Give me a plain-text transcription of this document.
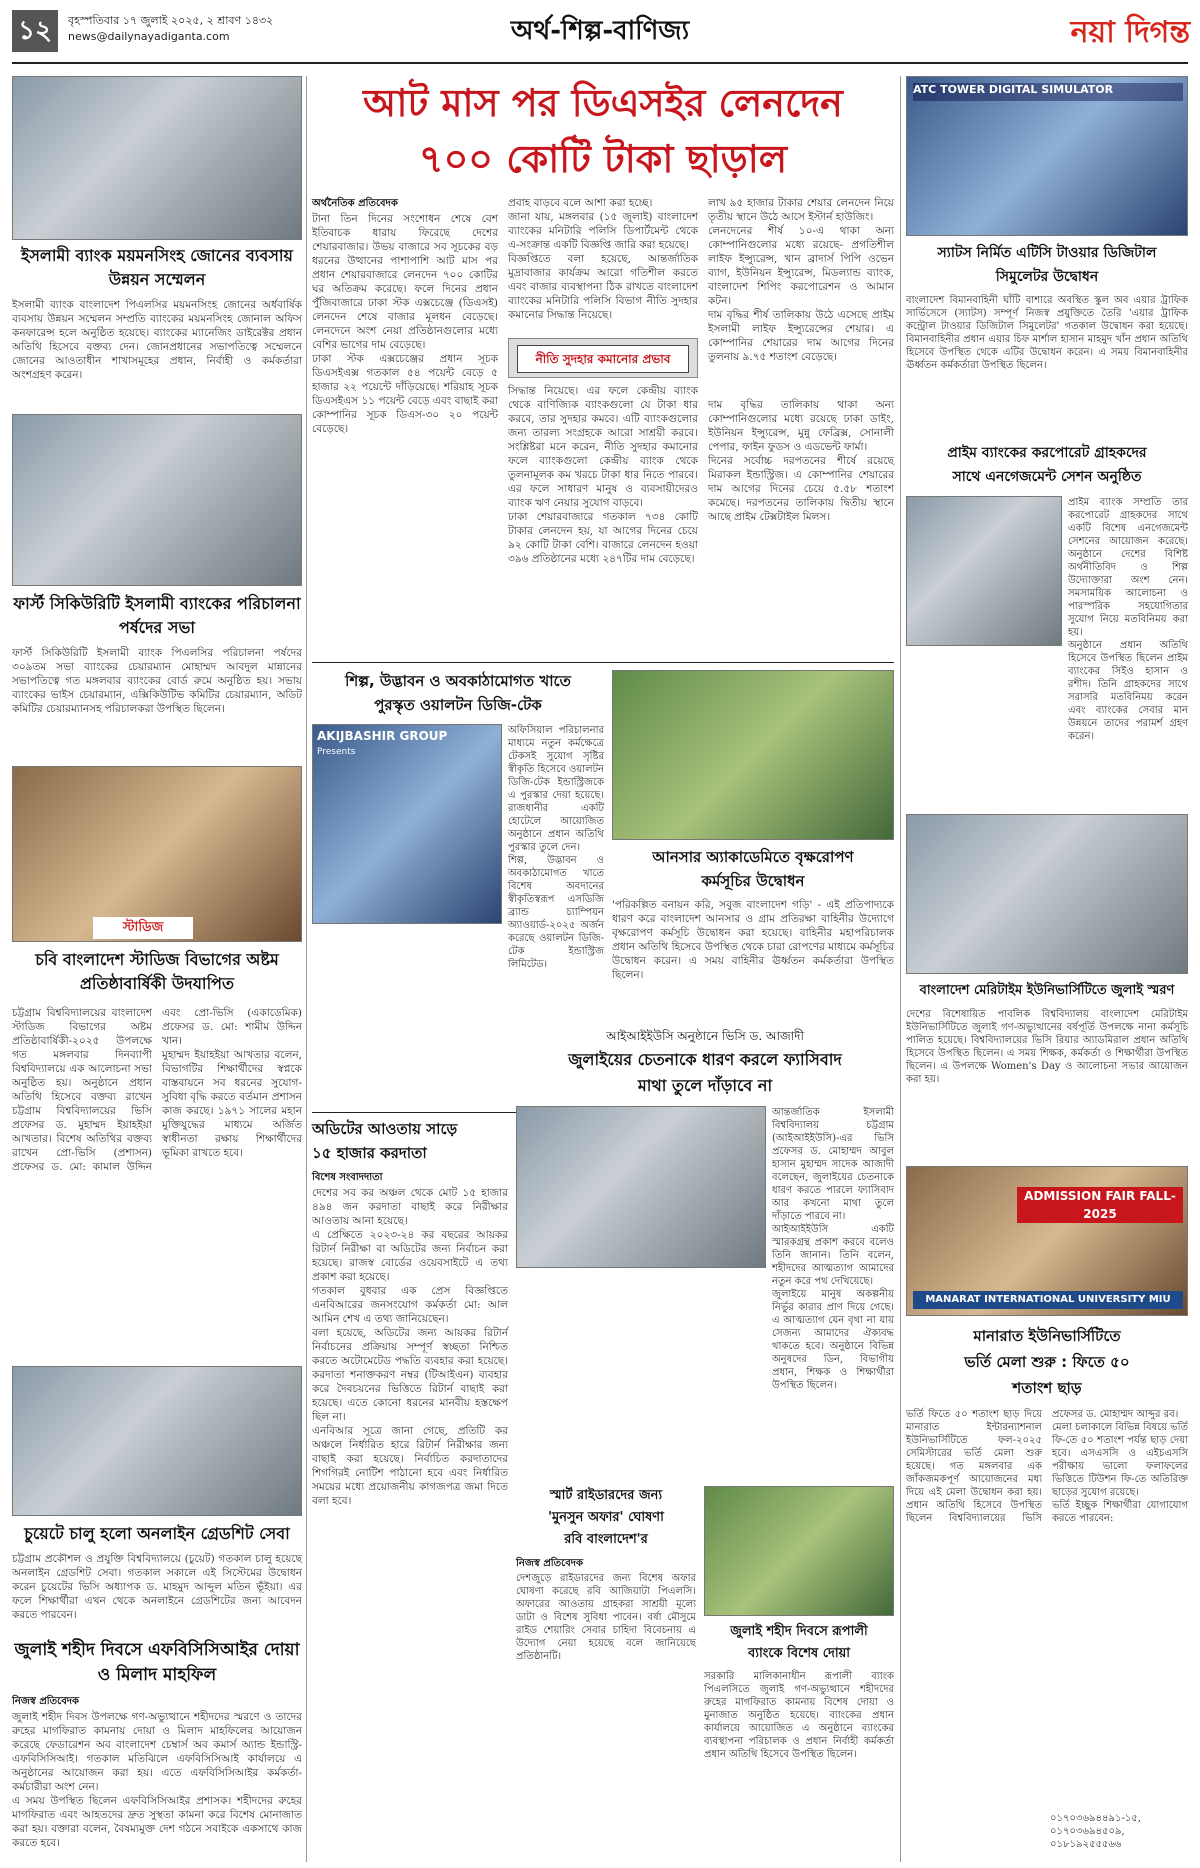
১২	বৃহস্পতিবার ১৭ জুলাই ২০২৫, ২ শ্রাবণ ১৪৩২
news@dailynayadiganta.com	অর্থ-শিল্প-বাণিজ্য	নয়া দিগন্ত
ইসলামী ব্যাংক ময়মনসিংহ জোনের ব্যবসায় উন্নয়ন সম্মেলন
ইসলামী ব্যাংক বাংলাদেশ পিএলসির ময়মনসিংহ জোনের অর্ধবার্ষিক ব্যবসায় উন্নয়ন সম্মেলন সম্প্রতি ব্যাংকের ময়মনসিংহ জোনাল অফিস কনফারেন্স হলে অনুষ্ঠিত হয়েছে। ব্যাংকের ম্যানেজিং ডাইরেক্টর প্রধান অতিথি হিসেবে বক্তব্য দেন। জোনপ্রধানের সভাপতিত্বে সম্মেলনে জোনের আওতাধীন শাখাসমূহের প্রধান, নির্বাহী ও কর্মকর্তারা অংশগ্রহণ করেন।
ফার্স্ট সিকিউরিটি ইসলামী ব্যাংকের পরিচালনা পর্ষদের সভা
ফার্স্ট সিকিউরিটি ইসলামী ব্যাংক পিএলসির পরিচালনা পর্ষদের ৩০৯তম সভা ব্যাংকের চেয়ারম্যান মোহাম্মদ আবদুল মান্নানের সভাপতিত্বে গত মঙ্গলবার ব্যাংকের বোর্ড রুমে অনুষ্ঠিত হয়। সভায় ব্যাংকের ভাইস চেয়ারম্যান, এক্সিকিউটিভ কমিটির চেয়ারম্যান, অডিট কমিটির চেয়ারম্যানসহ পরিচালকরা উপস্থিত ছিলেন।
স্টাডিজ
চবি বাংলাদেশ স্টাডিজ বিভাগের অষ্টম প্রতিষ্ঠাবার্ষিকী উদযাপিত
চট্টগ্রাম বিশ্ববিদ্যালয়ের বাংলাদেশ স্টাডিজ বিভাগের অষ্টম প্রতিষ্ঠাবার্ষিকী-২০২৫ উপলক্ষে গত মঙ্গলবার দিনব্যাপী বিশ্ববিদ্যালয়ে এক আলোচনা সভা অনুষ্ঠিত হয়। অনুষ্ঠানে প্রধান অতিথি হিসেবে বক্তব্য রাখেন চট্টগ্রাম বিশ্ববিদ্যালয়ের ভিসি প্রফেসর ড. মুহাম্মদ ইয়াহইয়া আখতার। বিশেষ অতিথির বক্তব্য রাখেন প্রো-ভিসি (প্রশাসন) প্রফেসর ড. মো: কামাল উদ্দিন এবং প্রো-ভিসি (একাডেমিক) প্রফেসর ড. মো: শামীম উদ্দিন খান।
মুহাম্মদ ইয়াহইয়া আখতার বলেন, বিভাগটির শিক্ষার্থীদের স্বপ্নকে বাস্তবায়নে সব ধরনের সুযোগ-সুবিধা বৃদ্ধি করতে বর্তমান প্রশাসন কাজ করছে। ১৯৭১ সালের মহান মুক্তিযুদ্ধের মাধ্যমে অর্জিত স্বাধীনতা রক্ষায় শিক্ষার্থীদের ভূমিকা রাখতে হবে।
চুয়েটে চালু হলো অনলাইন গ্রেডশিট সেবা
চট্টগ্রাম প্রকৌশল ও প্রযুক্তি বিশ্ববিদ্যালয়ে (চুয়েট) গতকাল চালু হয়েছে অনলাইন গ্রেডশিট সেবা। গতকাল সকালে এই সিস্টেমের উদ্বোধন করেন চুয়েটের ভিসি অধ্যাপক ড. মাহমুদ আব্দুল মতিন ভূঁইয়া। এর ফলে শিক্ষার্থীরা এখন থেকে অনলাইনে গ্রেডশিটের জন্য আবেদন করতে পারবেন।
জুলাই শহীদ দিবসে এফবিসিসিআইর দোয়া ও মিলাদ মাহফিল
নিজস্ব প্রতিবেদক
জুলাই শহীদ দিবস উপলক্ষে গণ-অভ্যুত্থানে শহীদদের স্মরণে ও তাদের রুহের মাগফিরাত কামনায় দোয়া ও মিলাদ মাহফিলের আয়োজন করেছে ফেডারেশন অব বাংলাদেশ চেম্বার্স অব কমার্স অ্যান্ড ইন্ডাস্ট্রি-এফবিসিসিআই। গতকাল মতিঝিলে এফবিসিসিআই কার্যালয়ে এ অনুষ্ঠানের আয়োজন করা হয়। এতে এফবিসিসিআইর কর্মকর্তা-কর্মচারীরা অংশ নেন।
এ সময় উপস্থিত ছিলেন এফবিসিসিআইর প্রশাসক। শহীদদের রুহের মাগফিরাত এবং আহতদের দ্রুত সুস্থতা কামনা করে বিশেষ মোনাজাত করা হয়। বক্তারা বলেন, বৈষম্যমুক্ত দেশ গঠনে সবাইকে একসাথে কাজ করতে হবে।
আট মাস পর ডিএসইর লেনদেন
৭০০ কোটি টাকা ছাড়াল
অর্থনৈতিক প্রতিবেদক
টানা তিন দিনের সংশোধন শেষে বেশ ইতিবাচক ধারায় ফিরেছে দেশের শেয়ারবাজার। উভয় বাজারে সব সূচকের বড় ধরনের উত্থানের পাশাপাশি আট মাস পর প্রধান শেয়ারবাজারে লেনদেন ৭০০ কোটির ঘর অতিক্রম করেছে। ফলে দিনের প্রধান পুঁজিবাজারে ঢাকা স্টক এক্সচেঞ্জে (ডিএসই) লেনদেন শেষে বাজার মূলধন বেড়েছে। লেনদেনে অংশ নেয়া প্রতিষ্ঠানগুলোর মধ্যে বেশির ভাগের দাম বেড়েছে।
ঢাকা স্টক এক্সচেঞ্জের প্রধান সূচক ডিএসইএক্স গতকাল ৫৪ পয়েন্ট বেড়ে ৫ হাজার ২২ পয়েন্টে দাঁড়িয়েছে। শরিয়াহ সূচক ডিএসইএস ১১ পয়েন্ট বেড়ে এবং বাছাই করা কোম্পানির সূচক ডিএস-৩০ ২০ পয়েন্ট বেড়েছে।
প্রবাহ বাড়বে বলে আশা করা হচ্ছে।
জানা যায়, মঙ্গলবার (১৫ জুলাই) বাংলাদেশ ব্যাংকের মনিটারি পলিসি ডিপার্টমেন্ট থেকে এ-সংক্রান্ত একটি বিজ্ঞপ্তি জারি করা হয়েছে।
বিজ্ঞপ্তিতে বলা হয়েছে, আন্তর্জাতিক মুদ্রাবাজার কার্যক্রম আরো গতিশীল করতে এবং বাজার ব্যবস্থাপনা ঠিক রাখতে বাংলাদেশ ব্যাংকের মনিটারি পলিসি বিভাগ নীতি সুদহার কমানোর সিদ্ধান্ত নিয়েছে।
নীতি সুদহার কমানোর প্রভাব
সিদ্ধান্ত নিয়েছে। এর ফলে কেন্দ্রীয় ব্যাংক থেকে বাণিজ্যিক ব্যাংকগুলো যে টাকা ধার করবে, তার সুদহার কমবে। এটি ব্যাংকগুলোর জন্য তারল্য সংগ্রহকে আরো সাশ্রয়ী করবে। সংশ্লিষ্টরা মনে করেন, নীতি সুদহার কমানোর ফলে ব্যাংকগুলো কেন্দ্রীয় ব্যাংক থেকে তুলনামূলক কম খরচে টাকা ধার নিতে পারবে। এর ফলে সাধারণ মানুষ ও ব্যবসায়ীদেরও ব্যাংক ঋণ নেয়ার সুযোগ বাড়বে।
ঢাকা শেয়ারবাজারে গতকাল ৭৩৪ কোটি টাকার লেনদেন হয়, যা আগের দিনের চেয়ে ৯২ কোটি টাকা বেশি। বাজারে লেনদেন হওয়া ৩৯৬ প্রতিষ্ঠানের মধ্যে ২৪৭টির দাম বেড়েছে।
লাখ ৯৫ হাজার টাকার শেয়ার লেনদেন নিয়ে তৃতীয় স্থানে উঠে আসে ইস্টার্ন হাউজিং।
লেনদেনের শীর্ষ ১০-এ থাকা অন্য কোম্পানিগুলোর মধ্যে রয়েছে- প্রগতিশীল লাইফ ইন্স্যুরেন্স, খান ব্রাদার্স পিপি ওভেন ব্যাগ, ইউনিয়ন ইন্স্যুরেন্স, মিডল্যান্ড ব্যাংক, বাংলাদেশ শিপিং করপোরেশন ও আমান কটন।
দাম বৃদ্ধির শীর্ষ তালিকায় উঠে এসেছে প্রাইম ইসলামী লাইফ ইন্স্যুরেন্সের শেয়ার। এ কোম্পানির শেয়ারের দাম আগের দিনের তুলনায় ৯.৭৫ শতাংশ বেড়েছে।
দাম বৃদ্ধির তালিকায় থাকা অন্য কোম্পানিগুলোর মধ্যে রয়েছে ঢাকা ডাইং, ইউনিয়ন ইন্স্যুরেন্স, মুন্নু ফেব্রিক্স, সোনালী পেপার, ফাইন ফুডস ও এডভেন্ট ফার্মা।
দিনের সর্বোচ্চ দরপতনের শীর্ষে রয়েছে মিরাকল ইন্ডাস্ট্রিজ। এ কোম্পানির শেয়ারের দাম আগের দিনের চেয়ে ৫.৫৮ শতাংশ কমেছে। দরপতনের তালিকায় দ্বিতীয় স্থানে আছে প্রাইম টেক্সটাইল মিলস।
শিল্প, উদ্ভাবন ও অবকাঠামোগত খাতে
পুরস্কৃত ওয়ালটন ডিজি-টেক
AKIJBASHIR GROUP
Presents
অফিসিয়াল পরিচালনার মাধ্যমে নতুন কর্মক্ষেত্রে টেকসই সুযোগ সৃষ্টির স্বীকৃতি হিসেবে ওয়ালটন ডিজি-টেক ইন্ডাস্ট্রিজকে এ পুরস্কার দেয়া হয়েছে। রাজধানীর একটি হোটেলে আয়োজিত অনুষ্ঠানে প্রধান অতিথি পুরস্কার তুলে দেন।
শিল্প, উদ্ভাবন ও অবকাঠামোগত খাতে বিশেষ অবদানের স্বীকৃতিস্বরূপ এসডিজি ব্র্যান্ড চ্যাম্পিয়ন অ্যাওয়ার্ড-২০২৫ অর্জন করেছে ওয়ালটন ডিজি-টেক ইন্ডাস্ট্রিজ লিমিটেড।
অডিটের আওতায় সাড়ে
১৫ হাজার করদাতা
বিশেষ সংবাদদাতা
দেশের সব কর অঞ্চল থেকে মোট ১৫ হাজার ৪৯৪ জন করদাতা বাছাই করে নিরীক্ষার আওতায় আনা হয়েছে।
এ প্রেক্ষিতে ২০২৩-২৪ কর বছরের আয়কর রিটার্ন নিরীক্ষা বা অডিটের জন্য নির্বাচন করা হয়েছে। রাজস্ব বোর্ডের ওয়েবসাইটে এ তথ্য প্রকাশ করা হয়েছে।
গতকাল বুধবার এক প্রেস বিজ্ঞপ্তিতে এনবিআরের জনসংযোগ কর্মকর্তা মো: আল আমিন শেখ এ তথ্য জানিয়েছেন।
বলা হয়েছে, অডিটের জন্য আয়কর রিটার্ন নির্বাচনের প্রক্রিয়ায় সম্পূর্ণ স্বচ্ছতা নিশ্চিত করতে অটোমেটেড পদ্ধতি ব্যবহার করা হয়েছে। করদাতা শনাক্তকরণ নম্বর (টিআইএন) ব্যবহার করে দৈবচয়নের ভিত্তিতে রিটার্ন বাছাই করা হয়েছে। এতে কোনো ধরনের মানবীয় হস্তক্ষেপ ছিল না।
এনবিআর সূত্রে জানা গেছে, প্রতিটি কর অঞ্চলে নির্ধারিত হারে রিটার্ন নিরীক্ষার জন্য বাছাই করা হয়েছে। নির্বাচিত করদাতাদের শিগগিরই নোটিশ পাঠানো হবে এবং নির্ধারিত সময়ের মধ্যে প্রয়োজনীয় কাগজপত্র জমা দিতে বলা হবে।
আনসার অ্যাকাডেমিতে বৃক্ষরোপণ
কর্মসূচির উদ্বোধন
'পরিকল্পিত বনায়ন করি, সবুজ বাংলাদেশ গড়ি' - এই প্রতিপাদ্যকে ধারণ করে বাংলাদেশ আনসার ও গ্রাম প্রতিরক্ষা বাহিনীর উদ্যোগে বৃক্ষরোপণ কর্মসূচি উদ্বোধন করা হয়েছে। বাহিনীর মহাপরিচালক প্রধান অতিথি হিসেবে উপস্থিত থেকে চারা রোপণের মাধ্যমে কর্মসূচির উদ্বোধন করেন। এ সময় বাহিনীর ঊর্ধ্বতন কর্মকর্তারা উপস্থিত ছিলেন।
আইআইইউসি অনুষ্ঠানে ভিসি ড. আজাদী
জুলাইয়ের চেতনাকে ধারণ করলে ফ্যাসিবাদ
মাথা তুলে দাঁড়াবে না
আন্তর্জাতিক ইসলামী বিশ্ববিদ্যালয় চট্টগ্রাম (আইআইইউসি)-এর ভিসি প্রফেসর ড. মোহাম্মদ আবুল হাসান মুহাম্মদ সাদেক আজাদী বলেছেন, জুলাইয়ের চেতনাকে ধারণ করতে পারলে ফ্যাসিবাদ আর কখনো মাথা তুলে দাঁড়াতে পারবে না।
আইআইইউসি একটি স্মারকগ্রন্থ প্রকাশ করবে বলেও তিনি জানান। তিনি বলেন, শহীদদের আত্মত্যাগ আমাদের নতুন করে পথ দেখিয়েছে।
জুলাইয়ে মানুষ অকল্পনীয় নির্ভুর কারার প্রাণ দিয়ে গেছে। এ আত্মত্যাগ যেন বৃথা না যায় সেজন্য আমাদের ঐক্যবদ্ধ থাকতে হবে। অনুষ্ঠানে বিভিন্ন অনুষদের ডিন, বিভাগীয় প্রধান, শিক্ষক ও শিক্ষার্থীরা উপস্থিত ছিলেন।
স্মার্ট রাইডারদের জন্য
'মুনসুন অফার' ঘোষণা
রবি বাংলাদেশ'র
নিজস্ব প্রতিবেদক
দেশজুড়ে রাইডারদের জন্য বিশেষ অফার ঘোষণা করেছে রবি আজিয়াটা পিএলসি। অফারের আওতায় গ্রাহকরা সাশ্রয়ী মূল্যে ডাটা ও বিশেষ সুবিধা পাবেন। বর্ষা মৌসুমে রাইড শেয়ারিং সেবার চাহিদা বিবেচনায় এ উদ্যোগ নেয়া হয়েছে বলে জানিয়েছে প্রতিষ্ঠানটি।
জুলাই শহীদ দিবসে রূপালী
ব্যাংকে বিশেষ দোয়া
সরকারি মালিকানাধীন রূপালী ব্যাংক পিএলসিতে জুলাই গণ-অভ্যুত্থানে শহীদদের রুহের মাগফিরাত কামনায় বিশেষ দোয়া ও মুনাজাত অনুষ্ঠিত হয়েছে। ব্যাংকের প্রধান কার্যালয়ে আয়োজিত এ অনুষ্ঠানে ব্যাংকের ব্যবস্থাপনা পরিচালক ও প্রধান নির্বাহী কর্মকর্তা প্রধান অতিথি হিসেবে উপস্থিত ছিলেন।
ATC TOWER DIGITAL SIMULATOR
স্যাটস নির্মিত এটিসি টাওয়ার ডিজিটাল
সিমুলেটর উদ্বোধন
বাংলাদেশ বিমানবাহিনী ঘাঁটি বাশারে অবস্থিত স্কুল অব এয়ার ট্রাফিক সার্ভিসেসে (স্যাটস) সম্পূর্ণ নিজস্ব প্রযুক্তিতে তৈরি 'এয়ার ট্রাফিক কন্ট্রোল টাওয়ার ডিজিটাল সিমুলেটর' গতকাল উদ্বোধন করা হয়েছে। বিমানবাহিনীর প্রধান এয়ার চিফ মার্শাল হাসান মাহমুদ খাঁন প্রধান অতিথি হিসেবে উপস্থিত থেকে এটির উদ্বোধন করেন। এ সময় বিমানবাহিনীর ঊর্ধ্বতন কর্মকর্তারা উপস্থিত ছিলেন।
প্রাইম ব্যাংকের করপোরেট গ্রাহকদের
সাথে এনগেজমেন্ট সেশন অনুষ্ঠিত
প্রাইম ব্যাংক সম্প্রতি তার করপোরেট গ্রাহকদের সাথে একটি বিশেষ এনগেজমেন্ট সেশনের আয়োজন করেছে। অনুষ্ঠানে দেশের বিশিষ্ট অর্থনীতিবিদ ও শিল্প উদ্যোক্তারা অংশ নেন। সমসাময়িক আলোচনা ও পারস্পরিক সহযোগিতার সুযোগ নিয়ে মতবিনিময় করা হয়।
অনুষ্ঠানে প্রধান অতিথি হিসেবে উপস্থিত ছিলেন প্রাইম ব্যাংকের সিইও হাসান ও রশীদ। তিনি গ্রাহকদের সাথে সরাসরি মতবিনিময় করেন এবং ব্যাংকের সেবার মান উন্নয়নে তাদের পরামর্শ গ্রহণ করেন।
বাংলাদেশ মেরিটাইম ইউনিভার্সিটিতে জুলাই স্মরণ
দেশের বিশেষায়িত পাবলিক বিশ্ববিদ্যালয় বাংলাদেশ মেরিটাইম ইউনিভার্সিটিতে জুলাই গণ-অভ্যুত্থানের বর্ষপূর্তি উপলক্ষে নানা কর্মসূচি পালিত হয়েছে। বিশ্ববিদ্যালয়ের ভিসি রিয়ার অ্যাডমিরাল প্রধান অতিথি হিসেবে উপস্থিত ছিলেন। এ সময় শিক্ষক, কর্মকর্তা ও শিক্ষার্থীরা উপস্থিত ছিলেন। এ উপলক্ষে Women's Day ও আলোচনা সভার আয়োজন করা হয়।
ADMISSION FAIR FALL-2025
MANARAT INTERNATIONAL UNIVERSITY MIU
মানারাত ইউনিভার্সিটিতে
ভর্তি মেলা শুরু : ফিতে ৫০
শতাংশ ছাড়
ভর্তি ফিতে ৫০ শতাংশ ছাড় দিয়ে মানারাত ইন্টারন্যাশনাল ইউনিভার্সিটিতে ফল-২০২৫ সেমিস্টারের ভর্তি মেলা শুরু হয়েছে। গত মঙ্গলবার এক জাঁকজমকপূর্ণ আয়োজনের মধ্য দিয়ে এই মেলা উদ্বোধন করা হয়। প্রধান অতিথি হিসেবে উপস্থিত ছিলেন বিশ্ববিদ্যালয়ের ভিসি প্রফেসর ড. মোহাম্মদ আব্দুর রব।
মেলা চলাকালে বিভিন্ন বিষয়ে ভর্তি ফি-তে ৫০ শতাংশ পর্যন্ত ছাড় দেয়া হবে। এসএসসি ও এইচএসসি পরীক্ষায় ভালো ফলাফলের ভিত্তিতে টিউশন ফি-তে অতিরিক্ত ছাড়ের সুযোগ রয়েছে।
ভর্তি ইচ্ছুক শিক্ষার্থীরা যোগাযোগ করতে পারবেন:
০১৭০৩৬৯৪৪৯১-১৫, ০১৭০৩৬৯৪৫০৯, ০১৮১৯২৫৫৫৬৬
